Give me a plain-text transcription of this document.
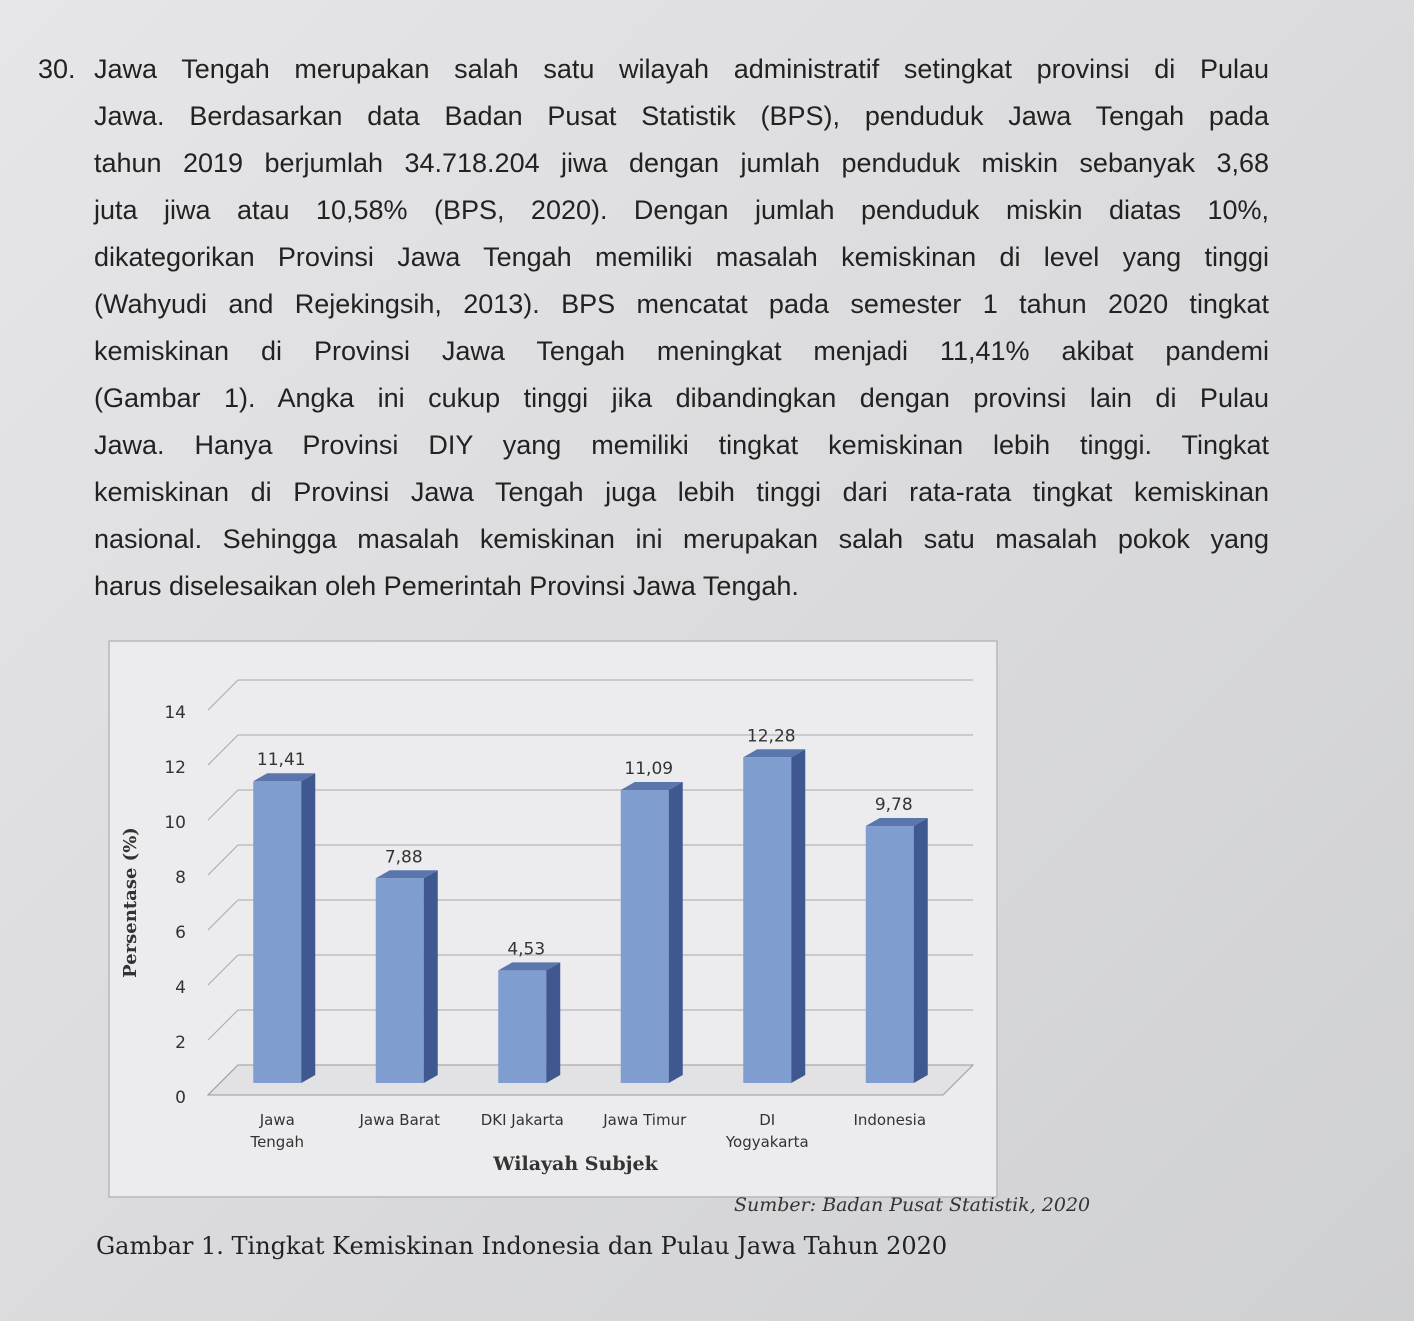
30. Jawa Tengah merupakan salah satu wilayah administratif setingkat provinsi di Pulau
Jawa. Berdasarkan data Badan Pusat Statistik (BPS), penduduk Jawa Tengah pada
tahun 2019 berjumlah 34.718.204 jiwa dengan jumlah penduduk miskin sebanyak 3,68
juta jiwa atau 10,58% (BPS, 2020). Dengan jumlah penduduk miskin diatas 10%,
dikategorikan Provinsi Jawa Tengah memiliki masalah kemiskinan di level yang tinggi
(Wahyudi and Rejekingsih, 2013). BPS mencatat pada semester 1 tahun 2020 tingkat
kemiskinan di Provinsi Jawa Tengah meningkat menjadi 11,41% akibat pandemi
(Gambar 1). Angka ini cukup tinggi jika dibandingkan dengan provinsi lain di Pulau
Jawa. Hanya Provinsi DIY yang memiliki tingkat kemiskinan lebih tinggi. Tingkat
kemiskinan di Provinsi Jawa Tengah juga lebih tinggi dari rata-rata tingkat kemiskinan
nasional. Sehingga masalah kemiskinan ini merupakan salah satu masalah pokok yang
harus diselesaikan oleh Pemerintah Provinsi Jawa Tengah.
0
2
4
6
8
10
12
14
11,41
7,88
4,53
11,09
12,28
9,78
Jawa Tengah
Jawa Barat	DKI Jakarta	Jawa Timur	DI Yogyakarta
Indonesia
Persentase (%)
Wilayah Subjek
Sumber: Badan Pusat Statistik, 2020
Gambar 1. Tingkat Kemiskinan Indonesia dan Pulau Jawa Tahun 2020
